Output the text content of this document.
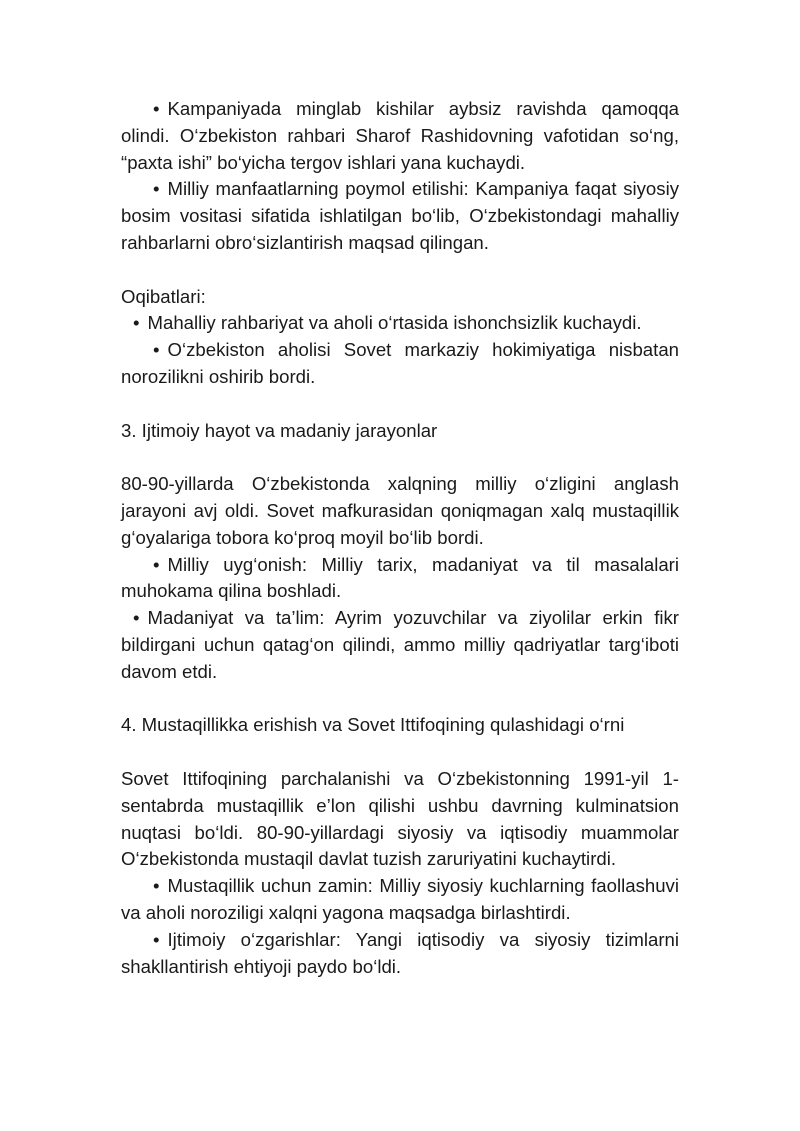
• Kampaniyada minglab kishilar aybsiz ravishda qamoqqa olindi. O‘zbekiston rahbari Sharof Rashidovning vafotidan so‘ng, “paxta ishi” bo‘yicha tergov ishlari yana kuchaydi.

• Milliy manfaatlarning poymol etilishi: Kampaniya faqat siyosiy bosim vositasi sifatida ishlatilgan bo‘lib, O‘zbekistondagi mahalliy rahbarlarni obro‘sizlantirish maqsad qilingan.

Oqibatlari:

• Mahalliy rahbariyat va aholi o‘rtasida ishonchsizlik kuchaydi.

• O‘zbekiston aholisi Sovet markaziy hokimiyatiga nisbatan norozilikni oshirib bordi.

3. Ijtimoiy hayot va madaniy jarayonlar

80-90-yillarda O‘zbekistonda xalqning milliy o‘zligini anglash jarayoni avj oldi. Sovet mafkurasidan qoniqmagan xalq mustaqillik g‘oyalariga tobora ko‘proq moyil bo‘lib bordi.

• Milliy uyg‘onish: Milliy tarix, madaniyat va til masalalari muhokama qilina boshladi.

• Madaniyat va ta’lim: Ayrim yozuvchilar va ziyolilar erkin fikr bildirgani uchun qatag‘on qilindi, ammo milliy qadriyatlar targ‘iboti davom etdi.

4. Mustaqillikka erishish va Sovet Ittifoqining qulashidagi o‘rni

Sovet Ittifoqining parchalanishi va O‘zbekistonning 1991-yil 1-sentabrda mustaqillik e’lon qilishi ushbu davrning kulminatsion nuqtasi bo‘ldi. 80-90-yillardagi siyosiy va iqtisodiy muammolar O‘zbekistonda mustaqil davlat tuzish zaruriyatini kuchaytirdi.

• Mustaqillik uchun zamin: Milliy siyosiy kuchlarning faollashuvi va aholi noroziligi xalqni yagona maqsadga birlashtirdi.

• Ijtimoiy o‘zgarishlar: Yangi iqtisodiy va siyosiy tizimlarni shakllantirish ehtiyoji paydo bo‘ldi.
